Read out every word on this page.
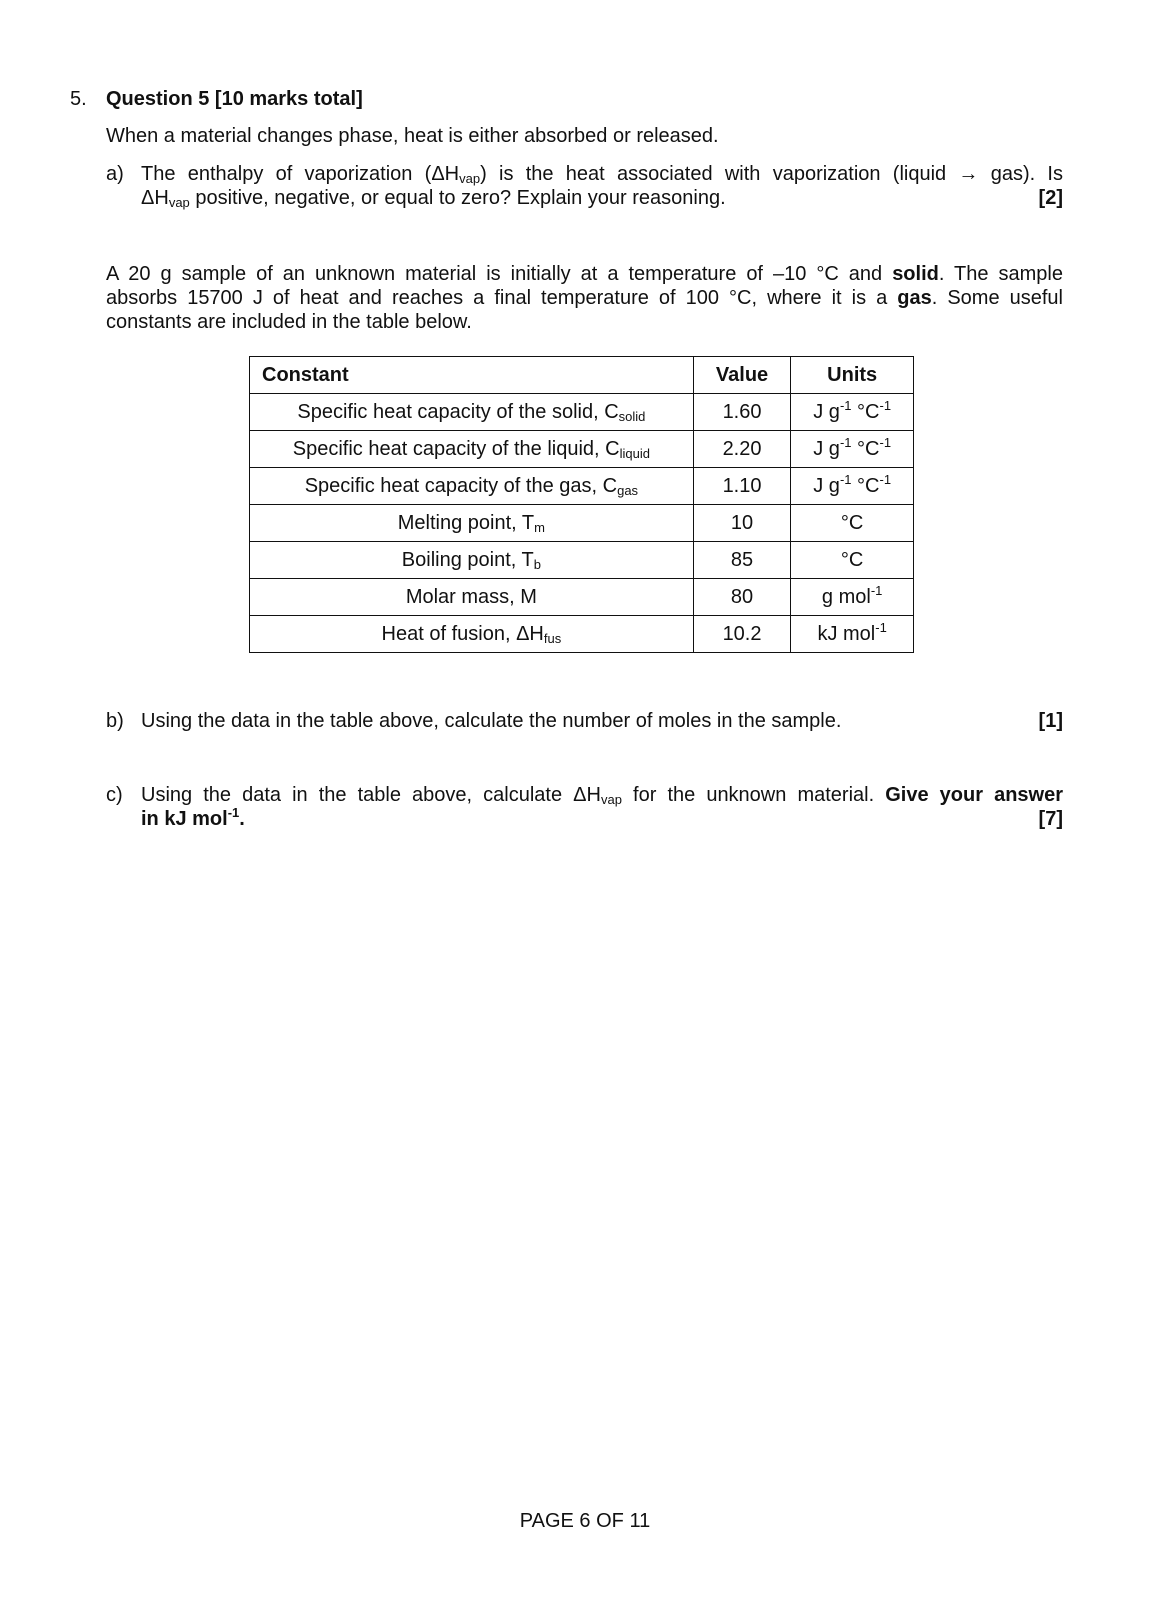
5. Question 5 [10 marks total]
When a material changes phase, heat is either absorbed or released.
a) The enthalpy of vaporization $(\Delta H_{vap})$ is the heat associated with vaporization (liquid → gas). Is
$\Delta H_{vap}$ positive, negative, or equal to zero? Explain your reasoning.	[2]
A 20 g sample of an unknown material is initially at a temperature of –10 °C and solid. The sample
absorbs 15700 J of heat and reaches a final temperature of 100 °C, where it is a gas. Some useful
constants are included in the table below.
Constant	Value	Units
Specific heat capacity of the solid, $C_{solid}$	1.60	J $g^{-1}$ $^\circ C^{-1}$
Specific heat capacity of the liquid, $C_{liquid}$	2.20	J $g^{-1}$ $^\circ C^{-1}$
Specific heat capacity of the gas, $C_{gas}$	1.10	J $g^{-1}$ $^\circ C^{-1}$
Melting point, $T_m$	10	°C
Boiling point, $T_b$	85	°C
Molar mass, M	80	g mol$^{-1}$
Heat of fusion, $\Delta H_{fus}$	10.2	kJ mol$^{-1}$
b) Using the data in the table above, calculate the number of moles in the sample.	[1]
c) Using the data in the table above, calculate $\Delta H_{vap}$ for the unknown material. Give your answer
in kJ mol$^{-1}$.	[7]
PAGE 6 OF 11
